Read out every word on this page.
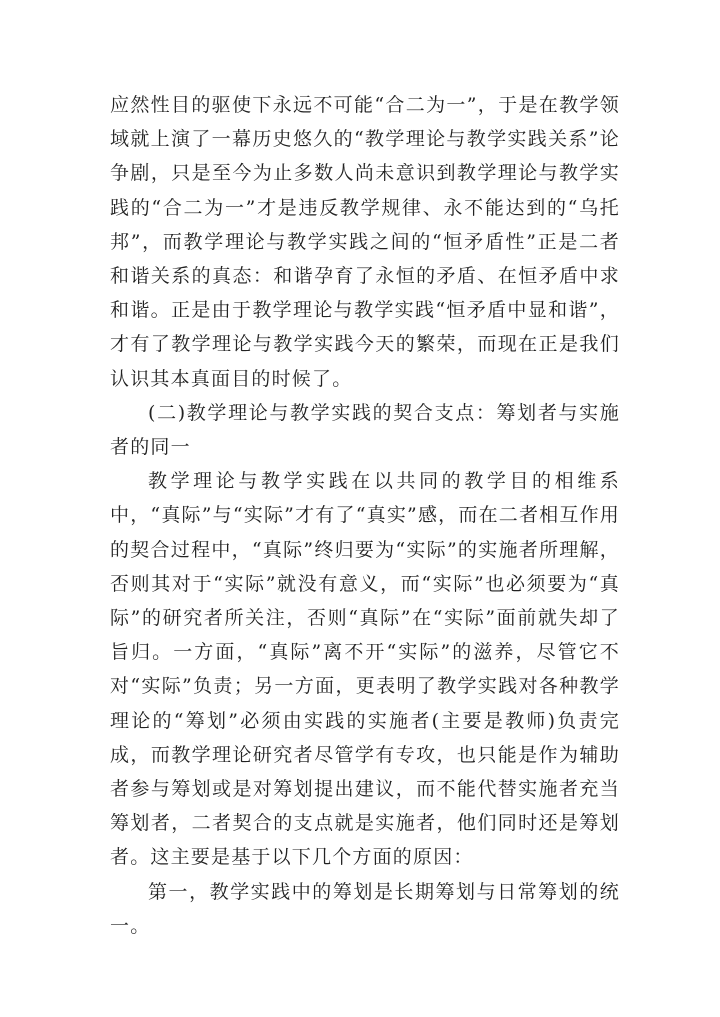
应然性目的驱使下永远不可能“合二为一”，于是在教学领域就上演了一幕历史悠久的“教学理论与教学实践关系”论争剧，只是至今为止多数人尚未意识到教学理论与教学实践的“合二为一”才是违反教学规律、永不能达到的“乌托邦”，而教学理论与教学实践之间的“恒矛盾性”正是二者和谐关系的真态：和谐孕育了永恒的矛盾、在恒矛盾中求和谐。正是由于教学理论与教学实践“恒矛盾中显和谐”，才有了教学理论与教学实践今天的繁荣，而现在正是我们认识其本真面目的时候了。

(二)教学理论与教学实践的契合支点：筹划者与实施者的同一

教学理论与教学实践在以共同的教学目的相维系中，“真际”与“实际”才有了“真实”感，而在二者相互作用的契合过程中，“真际”终归要为“实际”的实施者所理解，否则其对于“实际”就没有意义，而“实际”也必须要为“真际”的研究者所关注，否则“真际”在“实际”面前就失却了旨归。一方面，“真际”离不开“实际”的滋养，尽管它不对“实际”负责；另一方面，更表明了教学实践对各种教学理论的“筹划”必须由实践的实施者(主要是教师)负责完成，而教学理论研究者尽管学有专攻，也只能是作为辅助者参与筹划或是对筹划提出建议，而不能代替实施者充当筹划者，二者契合的支点就是实施者，他们同时还是筹划者。这主要是基于以下几个方面的原因：

第一，教学实践中的筹划是长期筹划与日常筹划的统一。
